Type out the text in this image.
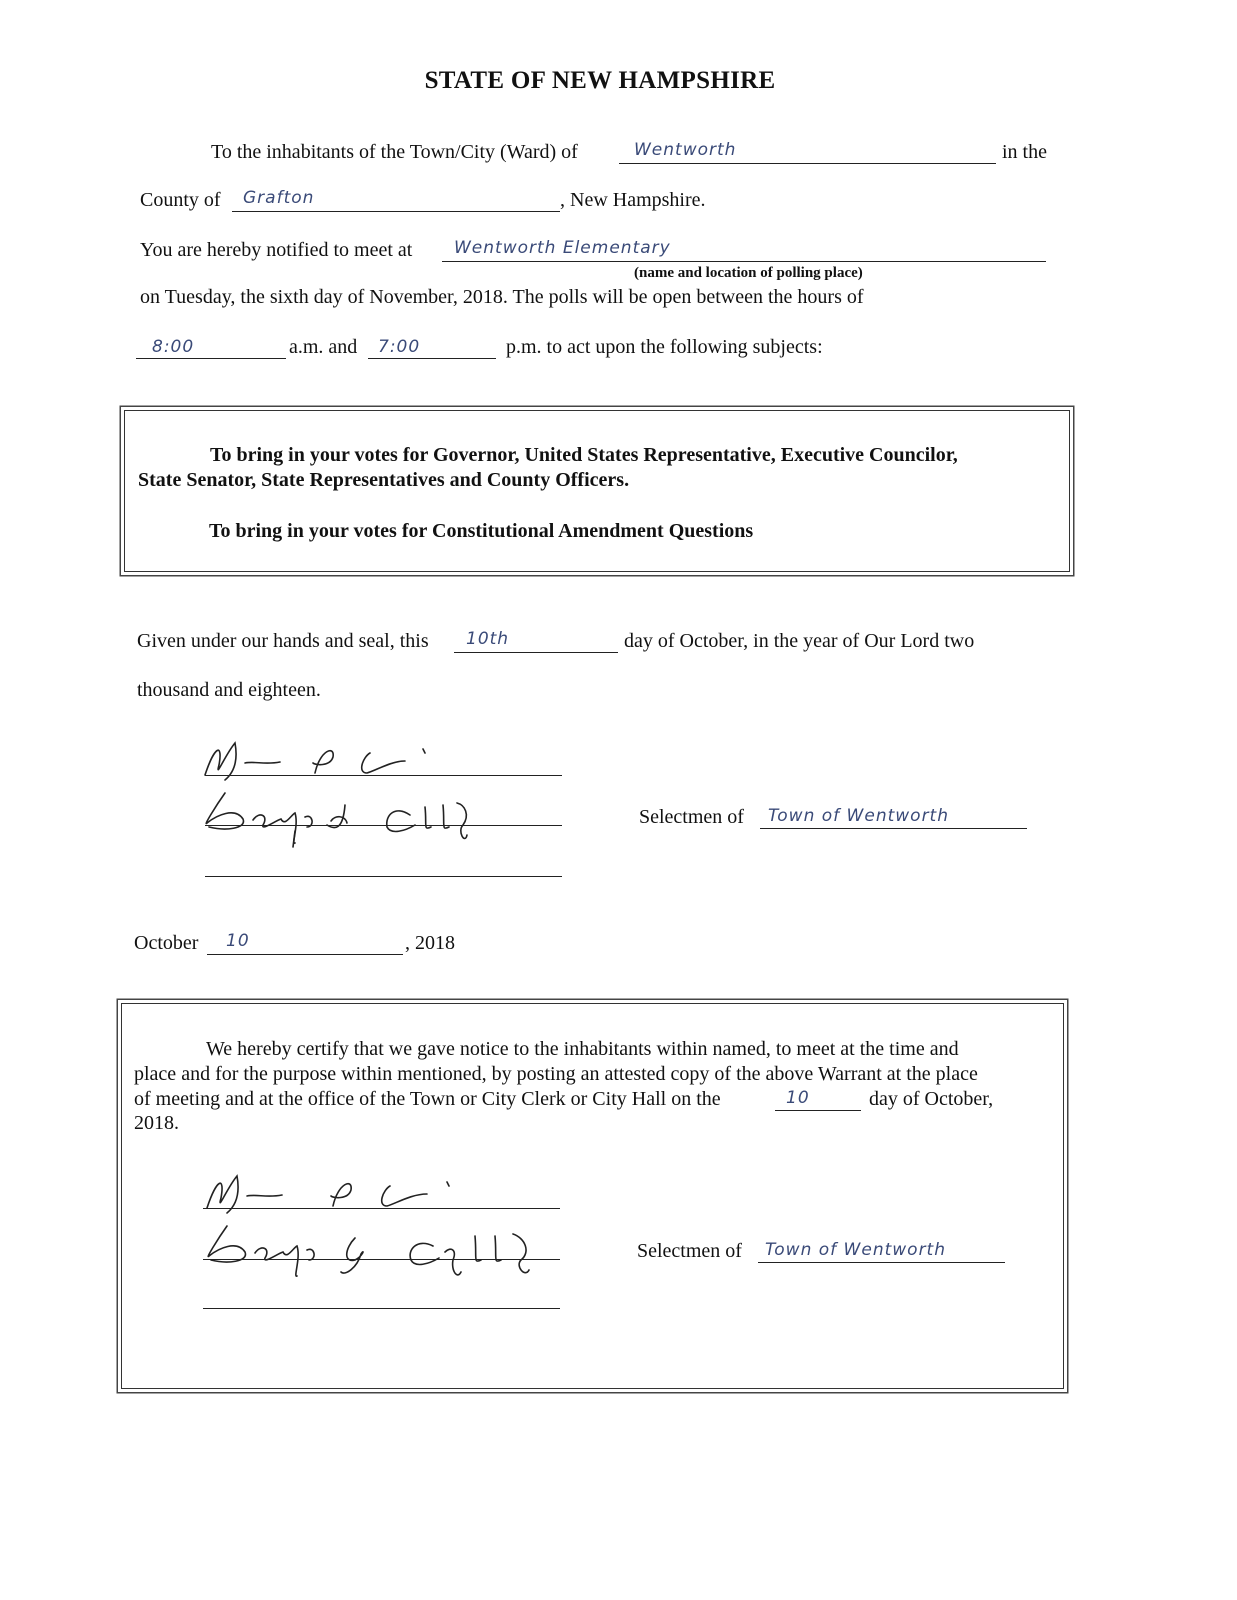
STATE OF NEW HAMPSHIRE
To the inhabitants of the Town/City (Ward) of	Wentworth	in the
County of Grafton	, New Hampshire.
You are hereby notified to meet at Wentworth Elementary
(name and location of polling place)
on Tuesday, the sixth day of November, 2018. The polls will be open between the hours of
8:00	a.m. and 7:00	p.m. to act upon the following subjects:
To bring in your votes for Governor, United States Representative, Executive Councilor,
State Senator, State Representatives and County Officers.
To bring in your votes for Constitutional Amendment Questions
Given under our hands and seal, this 10th	day of October, in the year of Our Lord two
thousand and eighteen.
Selectmen of Town of Wentworth
October 10	, 2018
We hereby certify that we gave notice to the inhabitants within named, to meet at the time and
place and for the purpose within mentioned, by posting an attested copy of the above Warrant at the place
of meeting and at the office of the Town or City Clerk or City Hall on the	10	day of October,
2018.
Selectmen of Town of Wentworth
